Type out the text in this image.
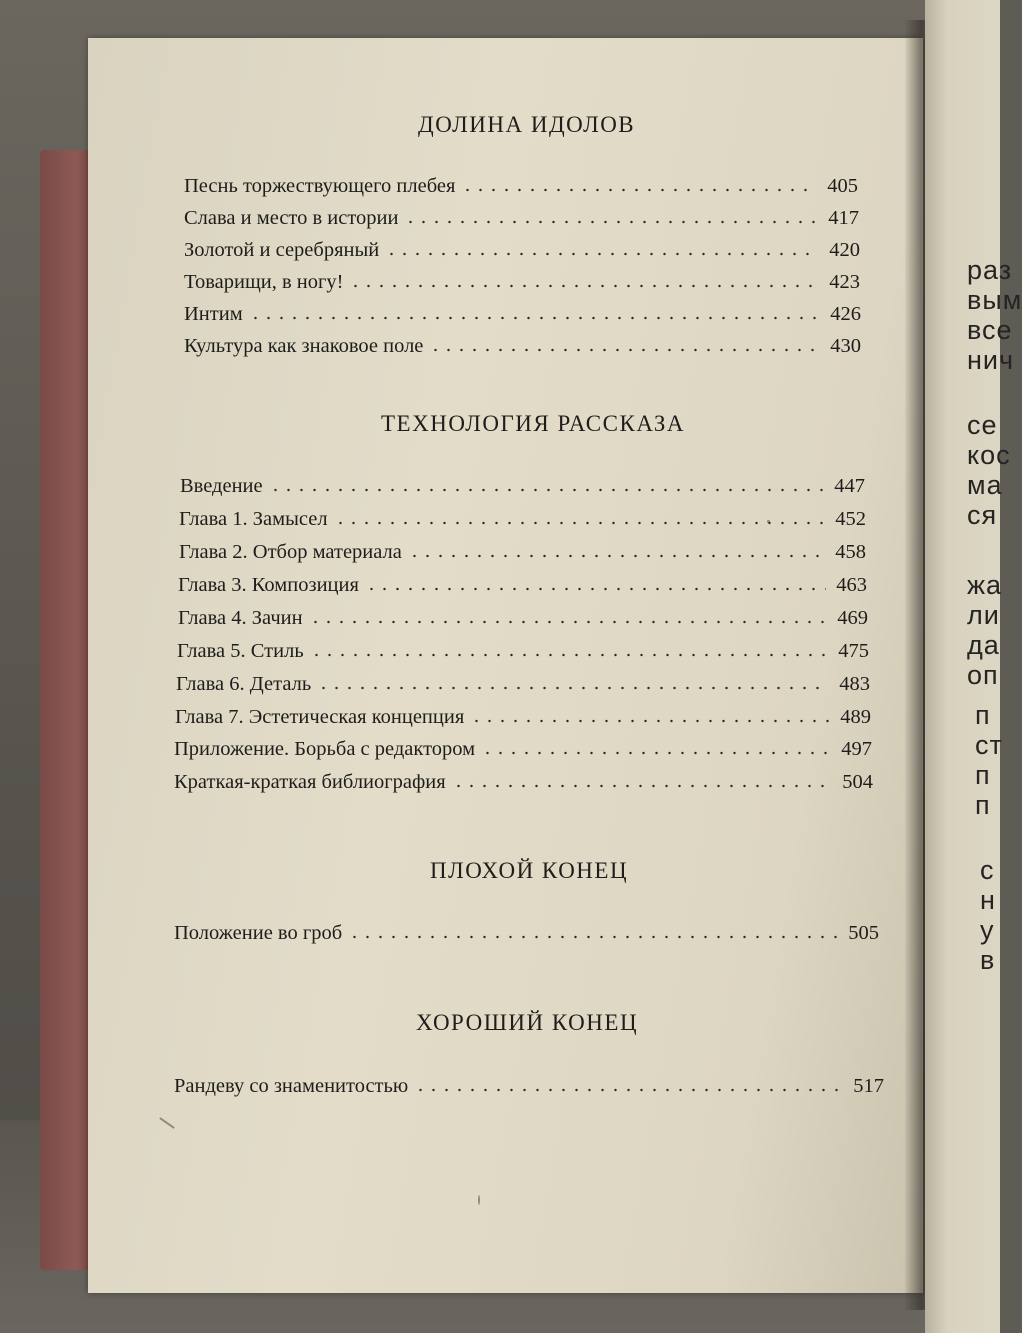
ДОЛИНА ИДОЛОВ
ТЕХНОЛОГИЯ РАССКАЗА
ПЛОХОЙ КОНЕЦ
ХОРОШИЙ КОНЕЦ
Песнь торжествующего плебея	405
Слава и место в истории	417
Золотой и серебряный	420
Товарищи, в ногу!	423
Интим	426
Культура как знаковое поле	430
Введение	447
Глава 1. Замысел	452
Глава 2. Отбор материала	458
Глава 3. Композиция	463
Глава 4. Зачин	469
Глава 5. Стиль	475
Глава 6. Деталь	483
Глава 7. Эстетическая концепция	489
Приложение. Борьба с редактором	497
Краткая-краткая библиография	504
Положение во гроб	505
Рандеву со знаменитостью	517
раз
вым
все
нич
се
кос
ма
ся
жа
ли
да
оп
п
ст
п
п
с
н
у
в
